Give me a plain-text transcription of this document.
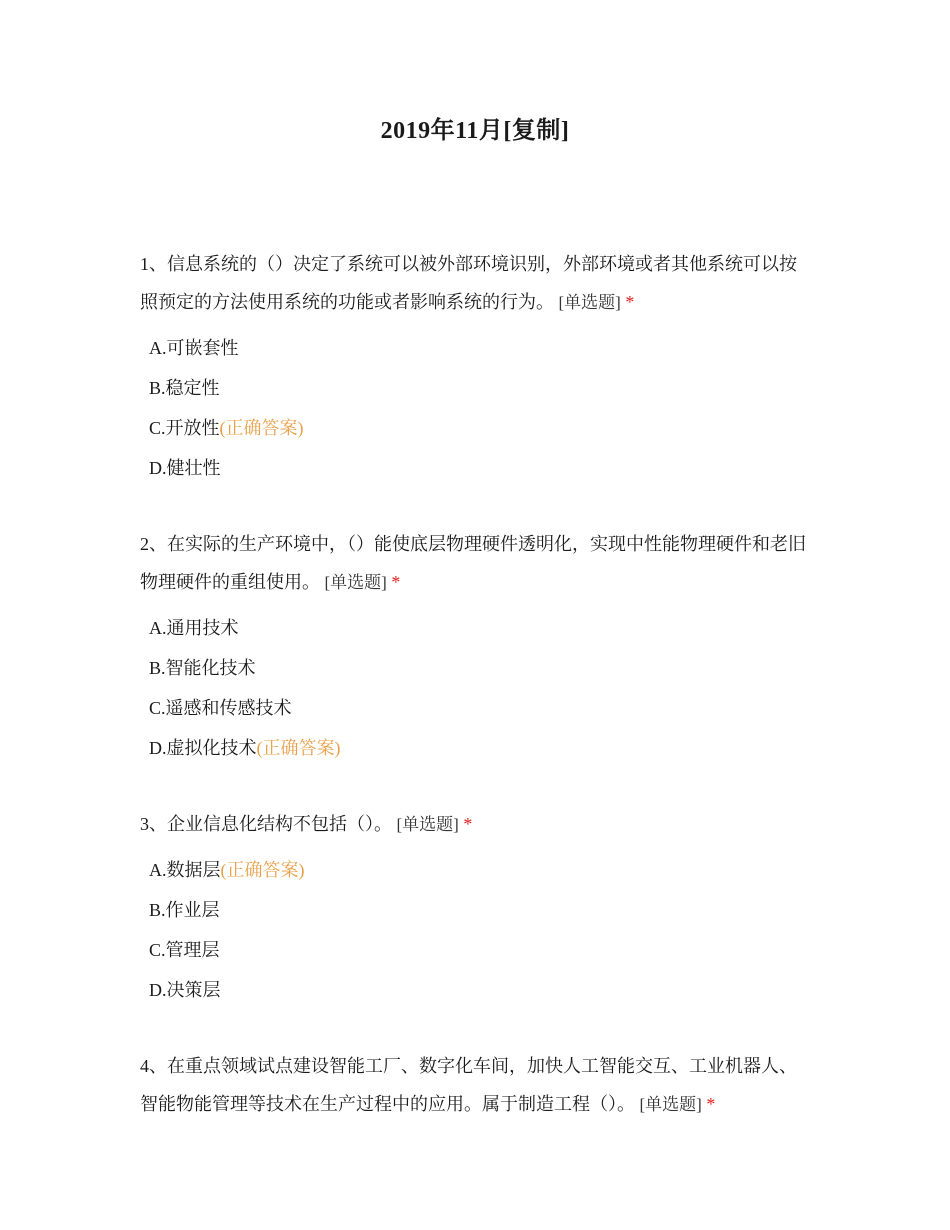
2019年11月[复制]
1、信息系统的（）决定了系统可以被外部环境识别，外部环境或者其他系统可以按照预定的方法使用系统的功能或者影响系统的行为。 [单选题] *
A.可嵌套性
B.稳定性
C.开放性(正确答案)
D.健壮性
2、在实际的生产环境中，（）能使底层物理硬件透明化，实现中性能物理硬件和老旧物理硬件的重组使用。 [单选题] *
A.通用技术
B.智能化技术
C.遥感和传感技术
D.虚拟化技术(正确答案)
3、企业信息化结构不包括（）。 [单选题] *
A.数据层(正确答案)
B.作业层
C.管理层
D.决策层
4、在重点领域试点建设智能工厂、数字化车间，加快人工智能交互、工业机器人、智能物能管理等技术在生产过程中的应用。属于制造工程（）。 [单选题] *
